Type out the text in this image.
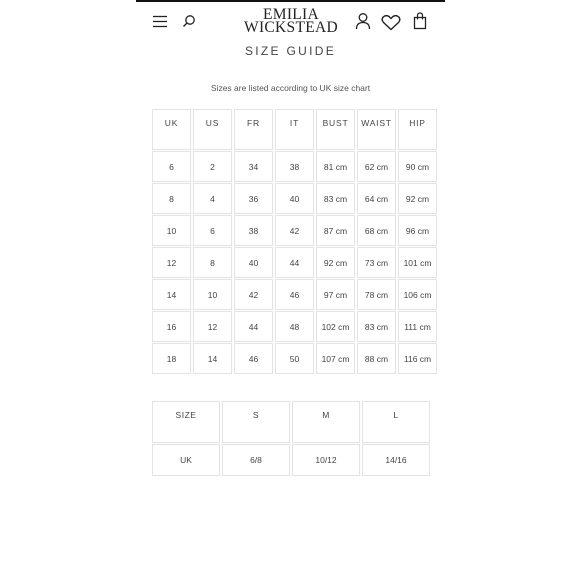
EMILIA
WICKSTEAD
SIZE GUIDE
Sizes are listed according to UK size chart
UK	US	FR	IT	BUST	WAIST	HIP
6	2	34	38	81 cm	62 cm	90 cm
8	4	36	40	83 cm	64 cm	92 cm
10	6	38	42	87 cm	68 cm	96 cm
12	8	40	44	92 cm	73 cm	101 cm
14	10	42	46	97 cm	78 cm	106 cm
16	12	44	48	102 cm	83 cm	111 cm
18	14	46	50	107 cm	88 cm	116 cm
SIZE	S	M	L
UK	6/8	10/12	14/16
